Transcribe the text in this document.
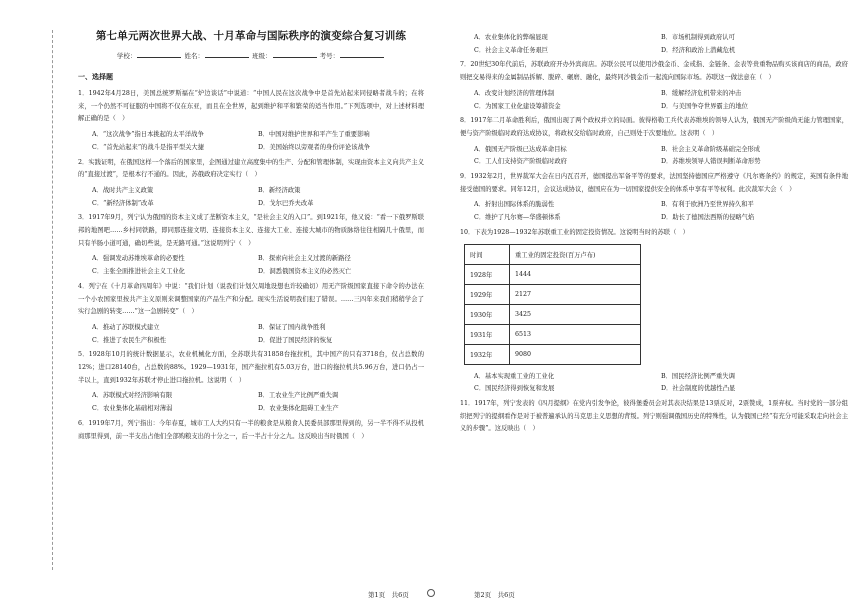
第七单元两次世界大战、十月革命与国际秩序的演变综合复习训练
学校：	姓名：	班级：	考号：
一、选择题

1．1942年4月28日，美国总统罗斯福在“炉边谈话”中说道：“中国人民在这次战争中是首先站起来同侵略者战斗的；在将来，一个仍然不可征服的中国将不仅在东亚，而且在全世界，起到维护和平和繁荣的适当作用。”下列选项中，对上述材料理解正确的是（　）

A．“这次战争”指日本挑起的太平洋战争	B．中国对维护世界和平产生了重要影响
C．“首先站起来”的战斗是指平型关大捷	D．美国始终以旁观者的身份评论该战争

2．实践证明，在俄国这样一个落后的国家里，企图通过建立高度集中的生产、分配和管理体制，实现由资本主义向共产主义的“直接过渡”，是根本行不通的。因此，苏俄政府决定实行（　）

A．战时共产主义政策	B．新经济政策
C．“新经济体制”改革	D．戈尔巴乔夫改革

3．1917年9月，列宁认为俄国的资本主义成了垄断资本主义，“是社会主义的入口”。到1921年，他又说：“看一下俄罗斯联邦的地图吧……乡村同铁路，即同那连接文明、连接资本主义、连接大工业、连接大城市的物质脉络往往相隔几十俄里，而只有羊肠小道可通，确切些说，是无路可通。”这说明列宁（　）

A．强调发动苏维埃革命的必要性	B．探索向社会主义过渡的新路径
C．主张全面推进社会主义工业化	D．洞悉俄国资本主义的必然灭亡

4．列宁在《十月革命四周年》中说：“我们计划（说我们计划欠周地设想也许较确切）用无产阶级国家直接下命令的办法在一个小农国家里按共产主义原则来调整国家的产品生产和分配。现实生活说明我们犯了错误。……三四年来我们稍稍学会了实行急剧的转变……”这一急剧转变”（　）

A．推动了苏联模式建立	B．保证了国内战争胜利
C．推进了农民生产积极性	D．促进了国民经济的恢复

5．1928年10月的统计数据显示，农业机械化方面，全苏联共有31858台拖拉机，其中国产的只有3718台，仅占总数的12%；进口28140台，占总数的88%。1929—1931年，国产拖拉机有5.03万台，进口的拖拉机共5.96万台，进口仍占一半以上，直到1932年苏联才停止进口拖拉机。这说明（　）

A．苏联模式对经济影响有限	B．工农业生产比例严重失调
C．农业集体化基础相对薄弱	D．农业集体化阻碍工业生产

6．1919年7月，列宁指出：今年春夏，城市工人大约只有一半的粮食是从粮食人民委员部那里得到的，另一半不得不从投机商那里得到，前一半支出占他们全部购粮支出的十分之一，后一半占十分之九。这反映出当时俄国（　）

A．农业集体化的弊端显现	B．市场机制得到政府认可
C．社会主义革命任务艰巨	D．经济和政治上潜藏危机

7．20世纪30年代前后，苏联政府开办外宾商店。苏联公民可以使用沙俄金币、金戒指、金链条、金表等贵重物品购买该商店的商品，政府则把交易得来的金属制品拆解、脱碎、碾磨、融化，最终同沙俄金币一起流向国际市场。苏联这一做法意在（　）

A．改变计划经济的管理体制	B．缓解经济危机带来的冲击
C．为国家工业化建设筹措资金	D．与美国争夺世界霸主的地位

8．1917年二月革命胜利后，俄国出现了两个政权并立的局面。彼得格勒工兵代表苏维埃的领导人认为，俄国无产阶级尚无能力管理国家，便与资产阶级临时政府达成协议，将政权交给临时政府，自己则处于次要地位。这表明（　）

A．俄国无产阶级已达成革命目标	B．社会主义革命阶级基础完全形成
C．工人们支持资产阶级临时政府	D．苏维埃领导人错误判断革命形势

9．1932年2月，世界裁军大会在日内瓦召开，德国提出军备平等的要求，法国坚持德国应严格遵守《凡尔赛条约》的规定，英国有条件地接受德国的要求。同年12月，会议达成协议，德国应在为一切国家提供安全的体系中享有平等权利。此次裁军大会（　）

A．折射出国际体系的脆弱性	B．有利于欧洲乃至世界持久和平
C．维护了凡尔赛—华盛顿体系	D．助长了德国法西斯的侵略气焰

10．下表为1928—1932年苏联重工业的固定投资情况。这说明当时的苏联（　）

时间	重工业的固定投资(百万卢布)
1928年	1444
1929年	2127
1930年	3425
1931年	6513
1932年	9080
A．基本实现重工业的工业化	B．国民经济比例严重失调
C．国民经济得到恢复和发展	D．社会制度的优越性凸显

11．1917年，列宁发表的《四月提纲》在党内引发争论，彼得堡委员会对其表决结果是13票反对，2票赞成，1票弃权。当时党的一部分组织把列宁的提纲看作是对于被普遍承认的马克思主义思想的背叛。列宁则强调俄国历史的特殊性，认为俄国已经“有充分可能采取走向社会主义的步骤”。这反映出（　）

第1页　共6页	第2页　共6页
